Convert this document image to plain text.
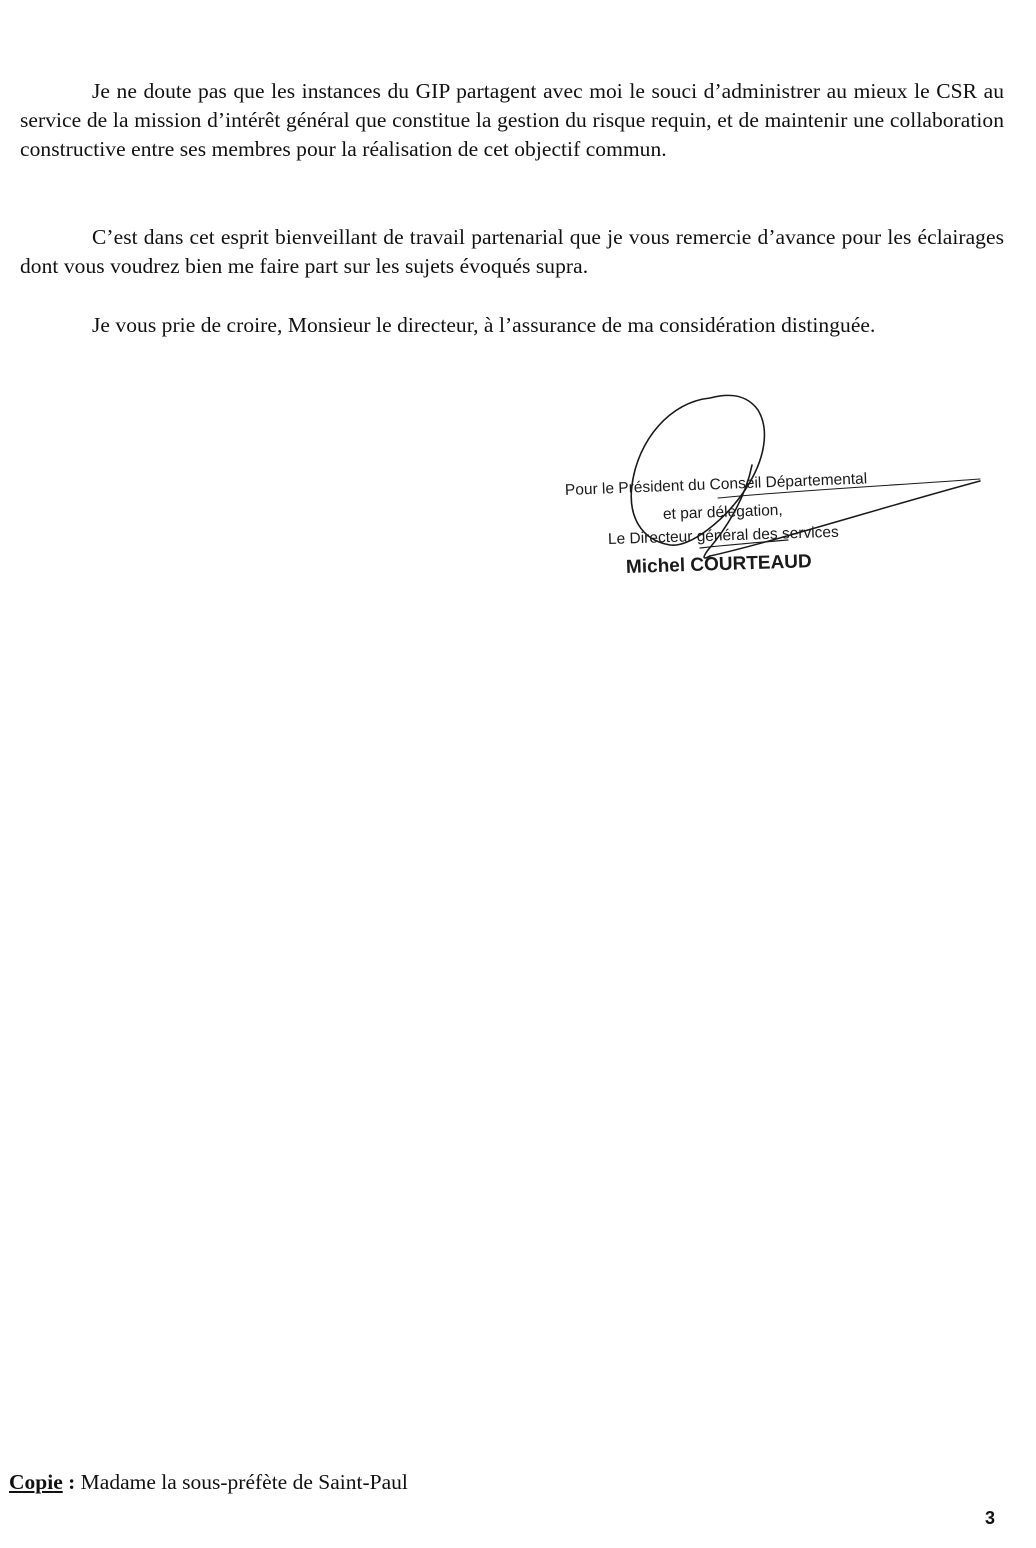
Je ne doute pas que les instances du GIP partagent avec moi le souci d’administrer au mieux le CSR au service de la mission d’intérêt général que constitue la gestion du risque requin, et de maintenir une collaboration constructive entre ses membres pour la réalisation de cet objectif commun.

C’est dans cet esprit bienveillant de travail partenarial que je vous remercie d’avance pour les éclairages dont vous voudrez bien me faire part sur les sujets évoqués supra.

Je vous prie de croire, Monsieur le directeur, à l’assurance de ma considération distinguée.

Pour le Président du Conseil Départemental
et par délégation,
Le Directeur général des services
Michel COURTEAUD

Copie : Madame la sous-préfète de Saint-Paul

3
